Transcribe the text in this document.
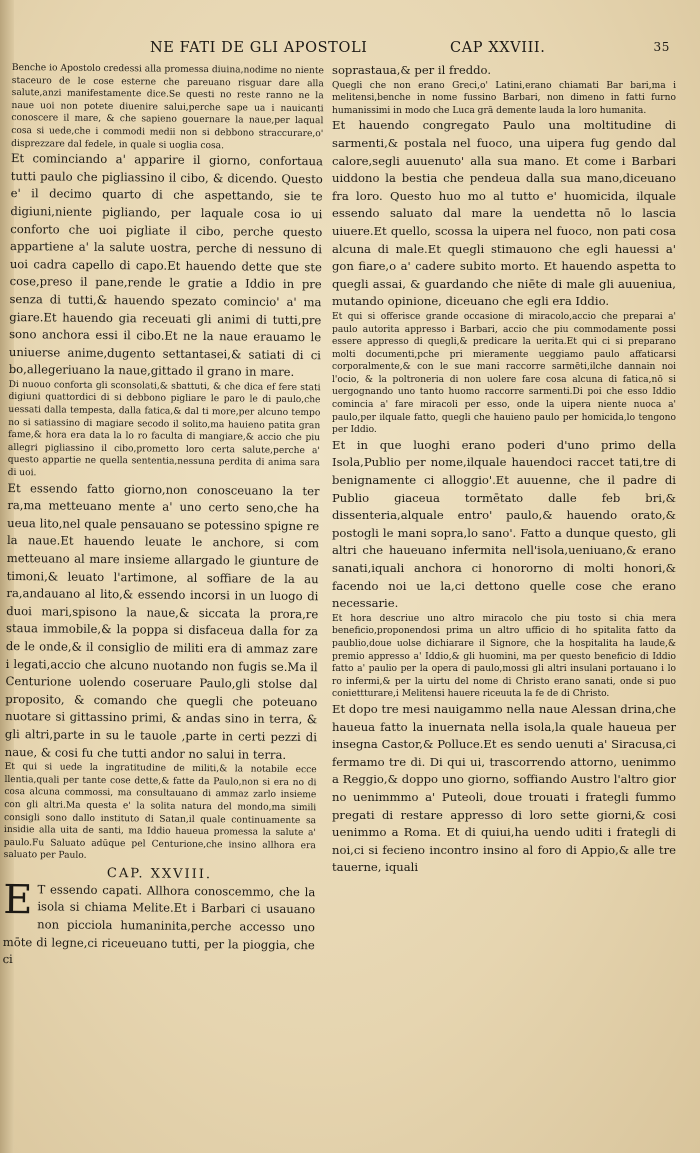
NE FATI DE GLI APOSTOLI	CAP XXVIII.	35

Benche io Apostolo credessi alla promessa diuina,nodime no niente staceuro de le cose esterne che pareuano risguar dare alla salute,anzi manifestamente dice.Se questi no reste ranno ne la naue uoi non potete diuenire salui,perche sape ua i nauicanti conoscere il mare, & che sapieno gouernare la naue,per laqual cosa si uede,che i commodi medii non si debbono straccurare,o' disprezzare dal fedele, in quale si uoglia cosa.

Et cominciando a' apparire il giorno, confortaua tutti paulo che pigliassino il cibo, & dicendo. Questo e' il decimo quarto di che aspettando, sie te digiuni,niente pigliando, per laquale cosa io ui conforto che uoi pigliate il cibo, perche questo appartiene a' la salute uostra, perche di nessuno di uoi cadra capello di capo.Et hauendo dette que ste cose,preso il pane,rende le gratie a Iddio in pre senza di tutti,& hauendo spezato comincio' a' ma giare.Et hauendo gia receuati gli animi di tutti,pre sono anchora essi il cibo.Et ne la naue erauamo le uniuerse anime,dugento settantasei,& satiati di ci bo,allegeriuano la naue,gittado il grano in mare.

Di nuouo conforta gli sconsolati,& sbattuti, & che dica ef fere stati digiuni quattordici di si debbono pigliare le paro le di paulo,che uessati dalla tempesta, dalla fatica,& dal ti more,per alcuno tempo no si satiassino di magiare secodo il solito,ma hauieno patita gran fame,& hora era data la lo ro faculta di mangiare,& accio che piu allegri pigliassino il cibo,prometto loro certa salute,perche a' questo appartie ne quella sententia,nessuna perdita di anima sara di uoi.

Et essendo fatto giorno,non conosceuano la ter ra,ma metteuano mente a' uno certo seno,che ha ueua lito,nel quale pensauano se potessino spigne re la naue.Et hauendo leuate le anchore, si com metteuano al mare insieme allargado le giunture de timoni,& leuato l'artimone, al soffiare de la au ra,andauano al lito,& essendo incorsi in un luogo di duoi mari,spisono la naue,& siccata la prora,re staua immobile,& la poppa si disfaceua dalla for za de le onde,& il consiglio de militi era di ammaz zare i legati,accio che alcuno nuotando non fugis se.Ma il Centurione uolendo coseruare Paulo,gli stolse dal proposito, & comando che quegli che poteuano nuotare si gittassino primi, & andas sino in terra, & gli altri,parte in su le tauole ,parte in certi pezzi di naue, & cosi fu che tutti andor no salui in terra.

Et qui si uede la ingratitudine de militi,& la notabile ecce llentia,quali per tante cose dette,& fatte da Paulo,non si era no di cosa alcuna commossi, ma consultauano di ammaz zarlo insieme con gli altri.Ma questa e' la solita natura del mondo,ma simili consigli sono dallo instituto di Satan,il quale continuamente sa insidie alla uita de santi, ma Iddio haueua promessa la salute a' paulo.Fu Saluato adūque pel Centurione,che insino allhora era saluato per Paulo.

CAP. XXVIII.

E T essendo capati. Allhora conoscemmo, che la isola si chiama Melite.Et i Barbari ci usauano non picciola humaninita,perche accesso uno mōte di legne,ci riceueuano tutti, per la pioggia, che ci

soprastaua,& per il freddo.

Quegli che non erano Greci,o' Latini,erano chiamati Bar bari,ma i melitensi,benche in nome fussino Barbari, non dimeno in fatti furno humanissimi in modo che Luca grā demente lauda la loro humanita.

Et hauendo congregato Paulo una moltitudine di sarmenti,& postala nel fuoco, una uipera fug gendo dal calore,segli auuenuto' alla sua mano. Et come i Barbari uiddono la bestia che pendeua dalla sua mano,diceuano fra loro. Questo huo mo al tutto e' huomicida, ilquale essendo saluato dal mare la uendetta nō lo lascia uiuere.Et quello, scossa la uipera nel fuoco, non pati cosa alcuna di male.Et quegli stimauono che egli hauessi a' gon fiare,o a' cadere subito morto. Et hauendo aspetta to quegli assai, & guardando che niēte di male gli auueniua, mutando opinione, diceuano che egli era Iddio.

Et qui si offerisce grande occasione di miracolo,accio che preparai a' paulo autorita appresso i Barbari, accio che piu commodamente possi essere appresso di quegli,& predicare la uerita.Et qui ci si preparano molti documenti,pche pri mieramente ueggiamo paulo affaticarsi corporalmente,& con le sue mani raccorre sarmēti,ilche dannain noi l'ocio, & la poltroneria di non uolere fare cosa alcuna di fatica,nō si uergognando uno tanto huomo raccorre sarmenti.Di poi che esso Iddio comincia a' fare miracoli per esso, onde la uipera niente nuoca a' paulo,per ilquale fatto, quegli che hauieno paulo per homicida,lo tengono per Iddio.

Et in que luoghi erano poderi d'uno primo della Isola,Publio per nome,ilquale hauendoci raccet tati,tre di benignamente ci alloggio'.Et auuenne, che il padre di Publio giaceua tormētato dalle feb bri,& dissenteria,alquale entro' paulo,& hauendo orato,& postogli le mani sopra,lo sano'. Fatto a dunque questo, gli altri che haueuano infermita nell'isola,ueniuano,& erano sanati,iquali anchora ci honororno di molti honori,& facendo noi ue la,ci dettono quelle cose che erano necessarie.

Et hora descriue uno altro miracolo che piu tosto si chia mera beneficio,proponendosi prima un altro ufficio di ho spitalita fatto da paublio,doue uolse dichiarare il Signore, che la hospitalita ha laude,& premio appresso a' Iddio,& gli huomini, ma per questo beneficio di Iddio fatto a' paulio per la opera di paulo,mossi gli altri insulani portauano i lo ro infermi,& per la uirtu del nome di Christo erano sanati, onde si puo coniettturare,i Melitensi hauere riceuuta la fe de di Christo.

Et dopo tre mesi nauigammo nella naue Alessan drina,che haueua fatto la inuernata nella isola,la quale haueua per insegna Castor,& Polluce.Et es sendo uenuti a' Siracusa,ci fermamo tre di. Di qui ui, trascorrendo attorno, uenimmo a Reggio,& doppo uno giorno, soffiando Austro l'altro gior no uenimmmo a' Puteoli, doue trouati i frategli fummo pregati di restare appresso di loro sette giorni,& cosi uenimmo a Roma. Et di quiui,ha uendo uditi i frategli di noi,ci si fecieno incontro insino al foro di Appio,& alle tre tauerne, iquali
